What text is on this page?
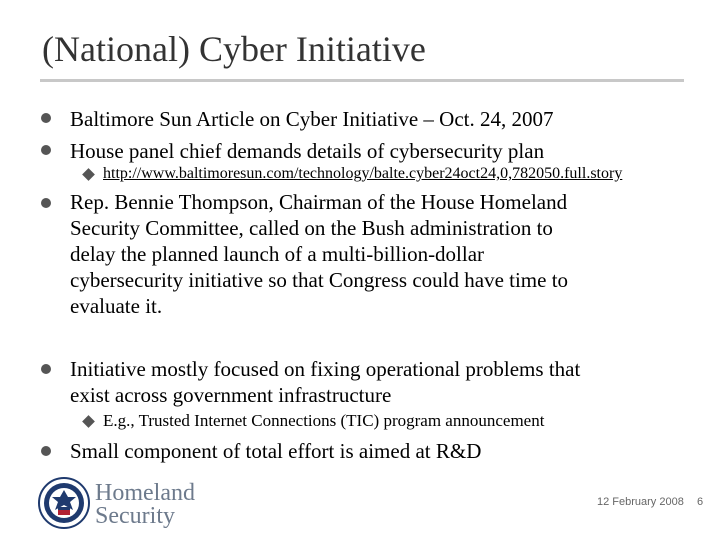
(National) Cyber Initiative
Baltimore Sun Article on Cyber Initiative – Oct. 24, 2007
House panel chief demands details of cybersecurity plan
http://www.baltimoresun.com/technology/balte.cyber24oct24,0,782050.full.story
Rep. Bennie Thompson, Chairman of the House Homeland
Security Committee, called on the Bush administration to
delay the planned launch of a multi-billion-dollar
cybersecurity initiative so that Congress could have time to
evaluate it.
Initiative mostly focused on fixing operational problems that
exist across government infrastructure
E.g., Trusted Internet Connections (TIC) program announcement
Small component of total effort is aimed at R&D
Homeland
Security
12 February 2008 6
